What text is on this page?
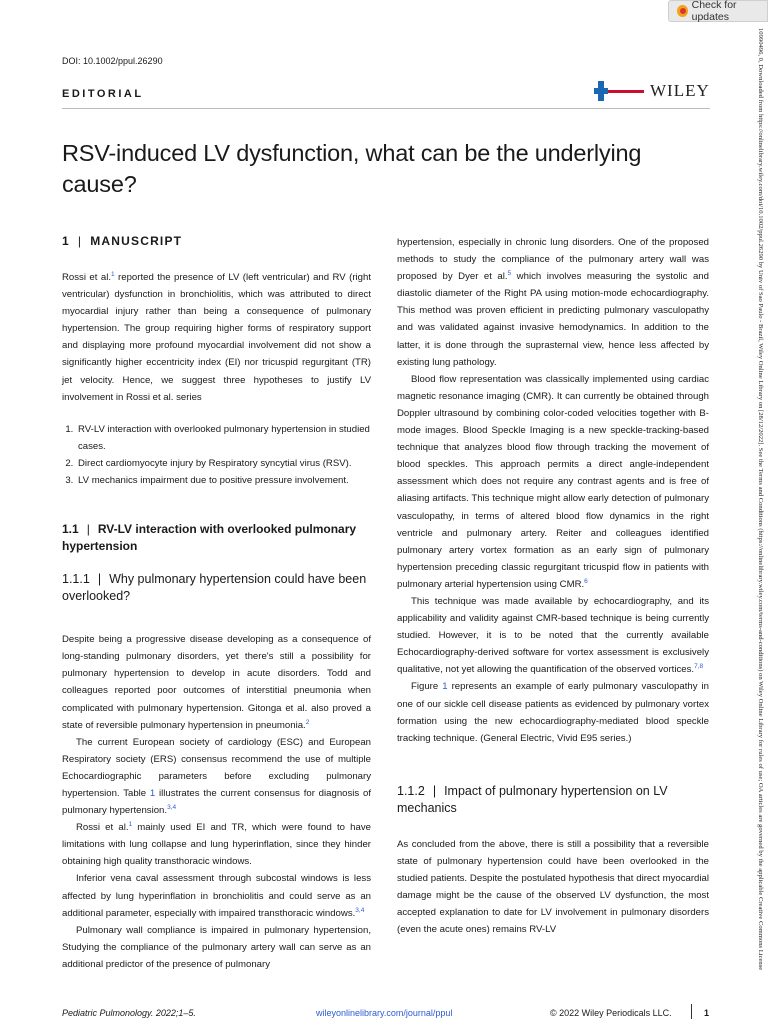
Check for updates
10990496, 0, Downloaded from https://onlinelibrary.wiley.com/doi/10.1002/ppul.26290 by Univ of Sao Paulo - Brazil, Wiley Online Library on [28/12/2022]. See the Terms and Conditions (https://onlinelibrary.wiley.com/terms-and-conditions) on Wiley Online Library for rules of use; OA articles are governed by the applicable Creative Commons License
DOI: 10.1002/ppul.26290
EDITORIAL	WILEY
RSV-induced LV dysfunction, what can be the underlying cause?
1 | MANUSCRIPT

Rossi et al.$^1$ reported the presence of LV (left ventricular) and RV (right ventricular) dysfunction in bronchiolitis, which was attributed to direct myocardial injury rather than being a consequence of pulmonary hypertension. The group requiring higher forms of respiratory support and displaying more profound myocardial involvement did not show a significantly higher eccentricity index (EI) nor tricuspid regurgitant (TR) jet velocity. Hence, we suggest three hypotheses to justify LV involvement in Rossi et al. series

1. RV-LV interaction with overlooked pulmonary hypertension in studied cases.
2. Direct cardiomyocyte injury by Respiratory syncytial virus (RSV).
3. LV mechanics impairment due to positive pressure involvement.
1.1 | RV-LV interaction with overlooked pulmonary hypertension
1.1.1 | Why pulmonary hypertension could have been overlooked?

Despite being a progressive disease developing as a consequence of long-standing pulmonary disorders, yet there's still a possibility for pulmonary hypertension to develop in acute disorders. Todd and colleagues reported poor outcomes of interstitial pneumonia when complicated with pulmonary hypertension. Gitonga et al. also proved a state of reversible pulmonary hypertension in pneumonia.$^2$

The current European society of cardiology (ESC) and European Respiratory society (ERS) consensus recommend the use of multiple Echocardiographic parameters before excluding pulmonary hypertension. Table 1 illustrates the current consensus for diagnosis of pulmonary hypertension.$^{3,4}$

Rossi et al.$^1$ mainly used EI and TR, which were found to have limitations with lung collapse and lung hyperinflation, since they hinder obtaining high quality transthoracic windows.

Inferior vena caval assessment through subcostal windows is less affected by lung hyperinflation in bronchiolitis and could serve as an additional parameter, especially with impaired transthoracic windows.$^{3,4}$

Pulmonary wall compliance is impaired in pulmonary hypertension, Studying the compliance of the pulmonary artery wall can serve as an additional predictor of the presence of pulmonary

hypertension, especially in chronic lung disorders. One of the proposed methods to study the compliance of the pulmonary artery wall was proposed by Dyer et al.$^5$ which involves measuring the systolic and diastolic diameter of the Right PA using motion-mode echocardiography. This method was proven efficient in predicting pulmonary vasculopathy and was validated against invasive hemodynamics. In addition to the latter, it is done through the suprasternal view, hence less affected by existing lung pathology.

Blood flow representation was classically implemented using cardiac magnetic resonance imaging (CMR). It can currently be obtained through Doppler ultrasound by combining color-coded velocities together with B-mode images. Blood Speckle Imaging is a new speckle-tracking-based technique that analyzes blood flow through tracking the movement of blood speckles. This approach permits a direct angle-independent assessment which does not require any contrast agents and is free of aliasing artifacts. This technique might allow early detection of pulmonary vasculopathy, in terms of altered blood flow dynamics in the right ventricle and pulmonary artery. Reiter and colleagues identified pulmonary artery vortex formation as an early sign of pulmonary hypertension preceding classic regurgitant tricuspid flow in patients with pulmonary arterial hypertension using CMR.$^6$

This technique was made available by echocardiography, and its applicability and validity against CMR-based technique is being currently studied. However, it is to be noted that the currently available Echocardiography-derived software for vortex assessment is exclusively qualitative, not yet allowing the quantification of the observed vortices.$^{7,8}$

Figure 1 represents an example of early pulmonary vasculopathy in one of our sickle cell disease patients as evidenced by pulmonary vortex formation using the new echocardiography-mediated blood speckle tracking technique. (General Electric, Vivid E95 series.)

1.1.2 | Impact of pulmonary hypertension on LV mechanics

As concluded from the above, there is still a possibility that a reversible state of pulmonary hypertension could have been overlooked in the studied patients. Despite the postulated hypothesis that direct myocardial damage might be the cause of the observed LV dysfunction, the most accepted explanation to date for LV involvement in pulmonary disorders (even the acute ones) remains RV-LV

Pediatric Pulmonology. 2022;1–5.	wileyonlinelibrary.com/journal/ppul	© 2022 Wiley Periodicals LLC.	1
